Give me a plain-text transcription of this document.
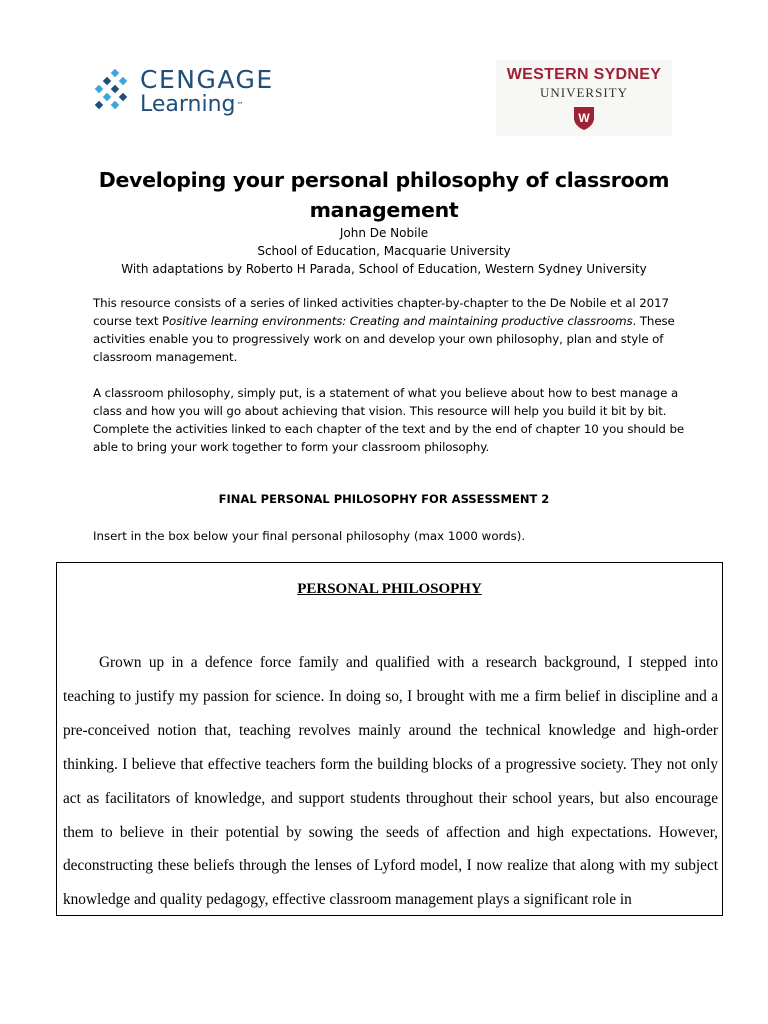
CENGAGE
Learning™
WESTERN SYDNEY
UNIVERSITY
W
Developing your personal philosophy of classroom management
John De Nobile
School of Education, Macquarie University
With adaptations by Roberto H Parada, School of Education, Western Sydney University

This resource consists of a series of linked activities chapter-by-chapter to the De Nobile et al 2017 course text Positive learning environments: Creating and maintaining productive classrooms. These activities enable you to progressively work on and develop your own philosophy, plan and style of classroom management.

A classroom philosophy, simply put, is a statement of what you believe about how to best manage a class and how you will go about achieving that vision. This resource will help you build it bit by bit. Complete the activities linked to each chapter of the text and by the end of chapter 10 you should be able to bring your work together to form your classroom philosophy.

FINAL PERSONAL PHILOSOPHY FOR ASSESSMENT 2

Insert in the box below your final personal philosophy (max 1000 words).

PERSONAL PHILOSOPHY

Grown up in a defence force family and qualified with a research background, I stepped into teaching to justify my passion for science. In doing so, I brought with me a firm belief in discipline and a pre-conceived notion that, teaching revolves mainly around the technical knowledge and high-order thinking. I believe that effective teachers form the building blocks of a progressive society. They not only act as facilitators of knowledge, and support students throughout their school years, but also encourage them to believe in their potential by sowing the seeds of affection and high expectations. However, deconstructing these beliefs through the lenses of Lyford model, I now realize that along with my subject knowledge and quality pedagogy, effective classroom management plays a significant role in
